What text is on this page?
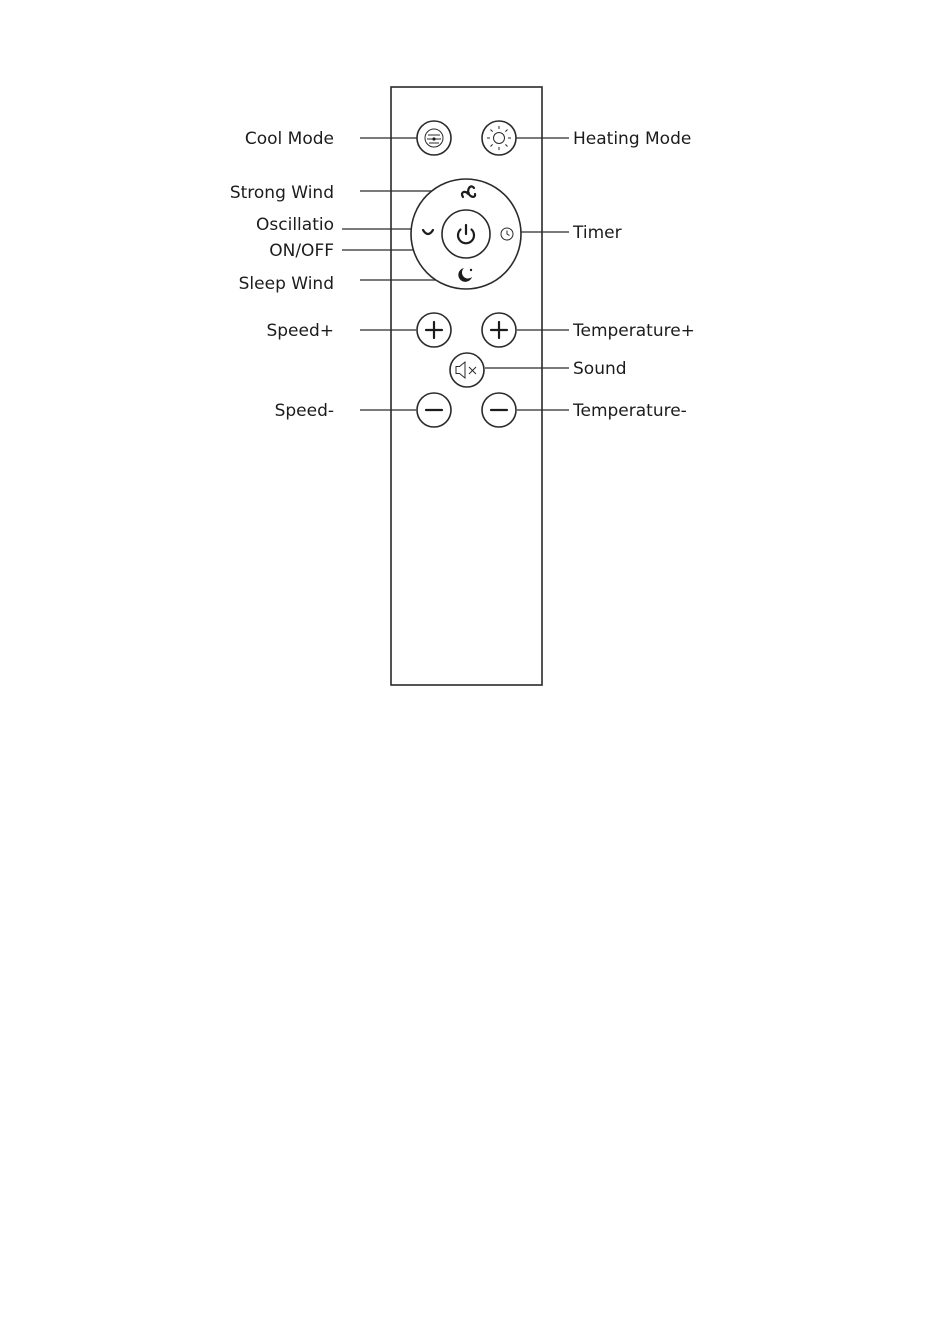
Cool Mode	Heating Mode
Strong Wind
Oscillatio
ON/OFF
Timer
Sleep Wind
Speed+	Temperature+
Sound
Speed-	Temperature-
